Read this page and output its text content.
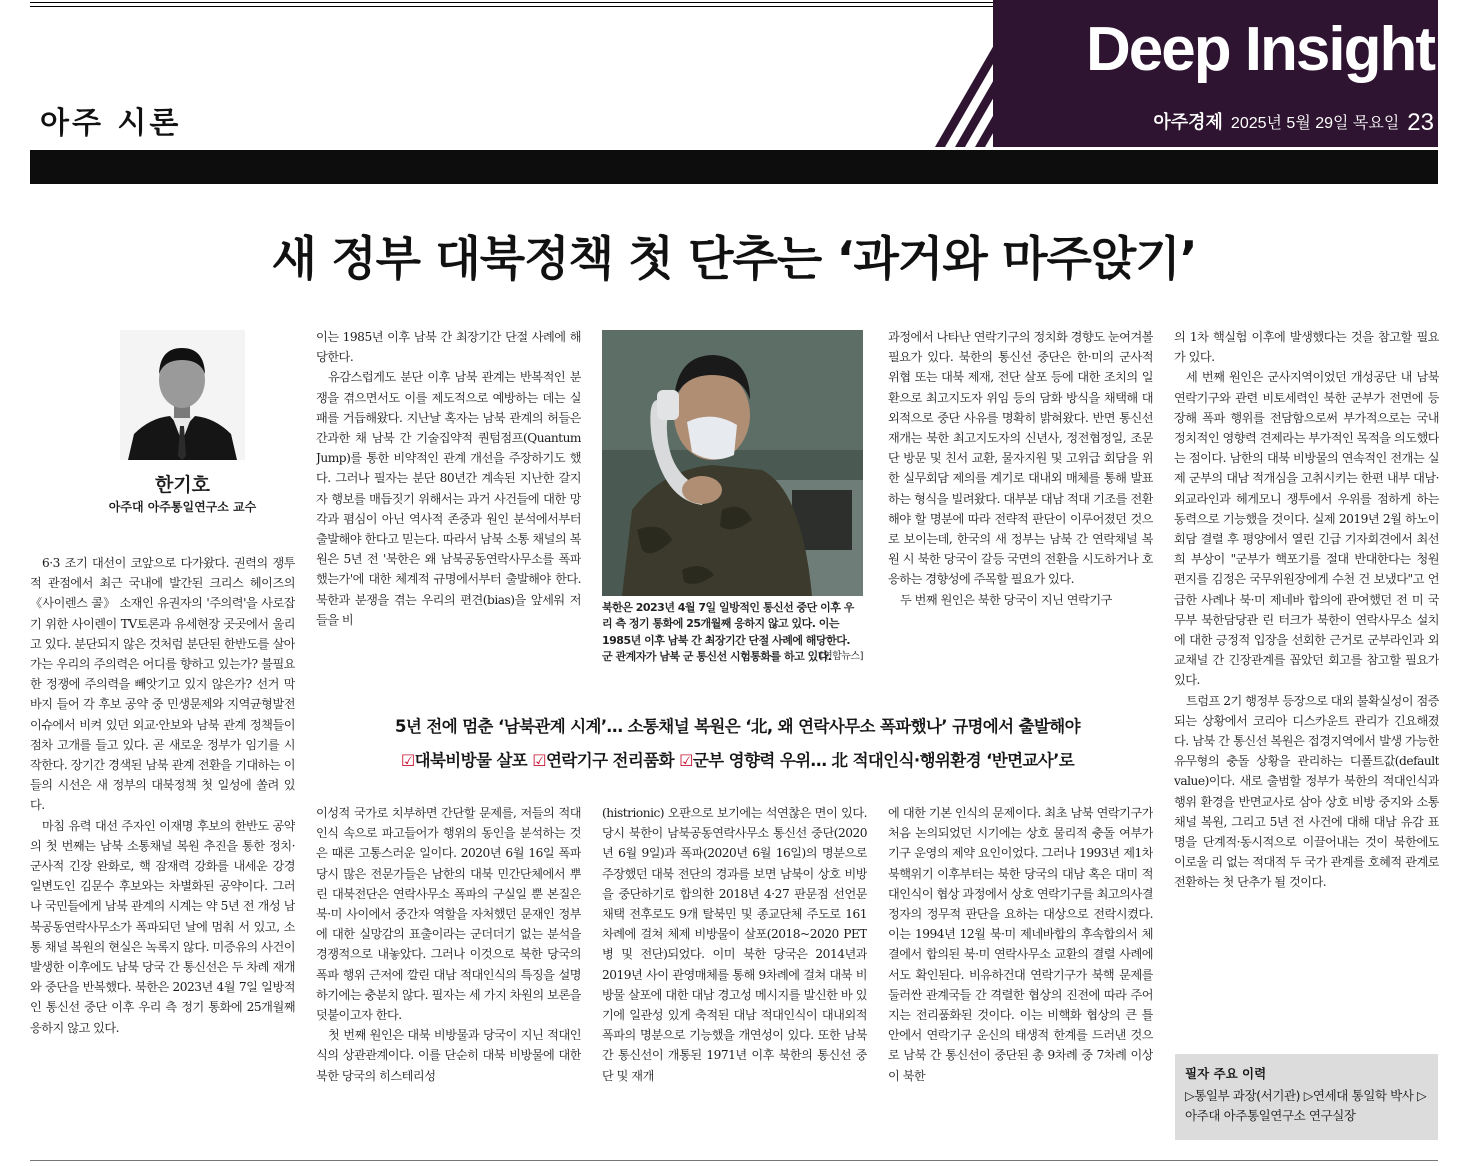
아주 시론
Deep Insight
아주경제 2025년 5월 29일 목요일 23
새 정부 대북정책 첫 단추는 ‘과거와 마주앉기’
한기호
아주대 아주통일연구소 교수

6·3 조기 대선이 코앞으로 다가왔다. 권력의 쟁투적 관점에서 최근 국내에 발간된 크리스 헤이즈의 《사이렌스 콜》 소재인 유권자의 '주의력'을 사로잡기 위한 사이렌이 TV토론과 유세현장 곳곳에서 울리고 있다. 분단되지 않은 것처럼 분단된 한반도를 살아가는 우리의 주의력은 어디를 향하고 있는가? 불필요한 정쟁에 주의력을 빼앗기고 있지 않은가? 선거 막바지 들어 각 후보 공약 중 민생문제와 지역균형발전 이슈에서 비켜 있던 외교·안보와 남북 관계 정책들이 점차 고개를 들고 있다. 곧 새로운 정부가 임기를 시작한다. 장기간 경색된 남북 관계 전환을 기대하는 이들의 시선은 새 정부의 대북정책 첫 일성에 쏠려 있다.

마침 유력 대선 주자인 이재명 후보의 한반도 공약의 첫 번째는 남북 소통채널 복원 추진을 통한 정치·군사적 긴장 완화로, 핵 잠재력 강화를 내세운 강경 일변도인 김문수 후보와는 차별화된 공약이다. 그러나 국민들에게 남북 관계의 시계는 약 5년 전 개성 남북공동연락사무소가 폭파되던 날에 멈춰 서 있고, 소통 채널 복원의 현실은 녹록지 않다. 미증유의 사건이 발생한 이후에도 남북 당국 간 통신선은 두 차례 재개와 중단을 반복했다. 북한은 2023년 4월 7일 일방적인 통신선 중단 이후 우리 측 정기 통화에 25개월째 응하지 않고 있다.

이는 1985년 이후 남북 간 최장기간 단절 사례에 해당한다.

유감스럽게도 분단 이후 남북 관계는 반복적인 분쟁을 겪으면서도 이를 제도적으로 예방하는 데는 실패를 거듭해왔다. 지난날 혹자는 남북 관계의 허들은 간과한 채 남북 간 기술집약적 퀀텀점프(Quantum Jump)를 통한 비약적인 관계 개선을 주장하기도 했다. 그러나 필자는 분단 80년간 계속된 지난한 갈지자 행보를 매듭짓기 위해서는 과거 사건들에 대한 망각과 폄심이 아닌 역사적 존중과 원인 분석에서부터 출발해야 한다고 믿는다. 따라서 남북 소통 채널의 복원은 5년 전 '북한은 왜 남북공동연락사무소를 폭파했는가'에 대한 체계적 규명에서부터 출발해야 한다. 북한과 분쟁을 겪는 우리의 편견(bias)을 앞세워 저들을 비

북한은 2023년 4월 7일 일방적인 통신선 중단 이후 우리 측 정기 통화에 25개월째 응하지 않고 있다. 이는 1985년 이후 남북 간 최장기간 단절 사례에 해당한다. 군 관계자가 남북 군 통신선 시험통화를 하고 있다.
[연합뉴스]

과정에서 나타난 연락기구의 정치화 경향도 눈여겨볼 필요가 있다. 북한의 통신선 중단은 한·미의 군사적 위협 또는 대북 제재, 전단 살포 등에 대한 조치의 일환으로 최고지도자 위임 등의 담화 방식을 채택해 대외적으로 중단 사유를 명확히 밝혀왔다. 반면 통신선 재개는 북한 최고지도자의 신년사, 정전협정일, 조문단 방문 및 친서 교환, 물자지원 및 고위급 회담을 위한 실무회담 제의를 계기로 대내외 매체를 통해 발표하는 형식을 빌려왔다. 대부분 대남 적대 기조를 전환해야 할 명분에 따라 전략적 판단이 이루어졌던 것으로 보이는데, 한국의 새 정부는 남북 간 연락채널 복원 시 북한 당국이 갈등 국면의 전환을 시도하거나 호응하는 경향성에 주목할 필요가 있다.

두 번째 원인은 북한 당국이 지닌 연락기구

5년 전에 멈춘 ‘남북관계 시계’… 소통채널 복원은 ‘北, 왜 연락사무소 폭파했나’ 규명에서 출발해야
☑대북비방물 살포 ☑연락기구 전리품화 ☑군부 영향력 우위… 北 적대인식·행위환경 ‘반면교사’로

이성적 국가로 치부하면 간단할 문제를, 저들의 적대인식 속으로 파고들어가 행위의 동인을 분석하는 것은 때론 고통스러운 일이다. 2020년 6월 16일 폭파 당시 많은 전문가들은 남한의 대북 민간단체에서 뿌린 대북전단은 연락사무소 폭파의 구실일 뿐 본질은 북·미 사이에서 중간자 역할을 자처했던 문재인 정부에 대한 실망감의 표출이라는 군더더기 없는 분석을 경쟁적으로 내놓았다. 그러나 이것으로 북한 당국의 폭파 행위 근저에 깔린 대남 적대인식의 특징을 설명하기에는 충분치 않다. 필자는 세 가지 차원의 보론을 덧붙이고자 한다.

첫 번째 원인은 대북 비방물과 당국이 지닌 적대인식의 상관관계이다. 이를 단순히 대북 비방물에 대한 북한 당국의 히스테리성

(histrionic) 오판으로 보기에는 석연찮은 면이 있다. 당시 북한이 남북공동연락사무소 통신선 중단(2020년 6월 9일)과 폭파(2020년 6월 16일)의 명분으로 주장했던 대북 전단의 경과를 보면 남북이 상호 비방을 중단하기로 합의한 2018년 4·27 판문점 선언문 채택 전후로도 9개 탈북민 및 종교단체 주도로 161차례에 걸쳐 체제 비방물이 살포(2018~2020 PET병 및 전단)되었다. 이미 북한 당국은 2014년과 2019년 사이 관영매체를 통해 9차례에 걸쳐 대북 비방물 살포에 대한 대남 경고성 메시지를 발신한 바 있기에 일관성 있게 축적된 대남 적대인식이 대내외적 폭파의 명분으로 기능했을 개연성이 있다. 또한 남북 간 통신선이 개통된 1971년 이후 북한의 통신선 중단 및 재개

에 대한 기본 인식의 문제이다. 최초 남북 연락기구가 처음 논의되었던 시기에는 상호 물리적 충돌 여부가 기구 운영의 제약 요인이었다. 그러나 1993년 제1차 북핵위기 이후부터는 북한 당국의 대남 혹은 대미 적대인식이 협상 과정에서 상호 연락기구를 최고의사결정자의 정무적 판단을 요하는 대상으로 전락시켰다. 이는 1994년 12월 북·미 제네바합의 후속합의서 체결에서 합의된 북·미 연락사무소 교환의 결렬 사례에서도 확인된다. 비유하건대 연락기구가 북핵 문제를 둘러싼 관계국들 간 격렬한 협상의 진전에 따라 주어지는 전리품화된 것이다. 이는 비핵화 협상의 큰 틀 안에서 연락기구 운신의 태생적 한계를 드러낸 것으로 남북 간 통신선이 중단된 총 9차례 중 7차례 이상이 북한

의 1차 핵실험 이후에 발생했다는 것을 참고할 필요가 있다.

세 번째 원인은 군사지역이었던 개성공단 내 남북연락기구와 관련 비토세력인 북한 군부가 전면에 등장해 폭파 행위를 전담함으로써 부가적으로는 국내 정치적인 영향력 견제라는 부가적인 목적을 의도했다는 점이다. 남한의 대북 비방물의 연속적인 전개는 실제 군부의 대남 적개심을 고취시키는 한편 내부 대남·외교라인과 헤게모니 쟁투에서 우위를 점하게 하는 동력으로 기능했을 것이다. 실제 2019년 2월 하노이 회담 결렬 후 평양에서 열린 긴급 기자회견에서 최선희 부상이 "군부가 핵포기를 절대 반대한다는 청원 편지를 김정은 국무위원장에게 수천 건 보냈다"고 언급한 사례나 북·미 제네바 합의에 관여했던 전 미 국무부 북한담당관 린 터크가 북한이 연락사무소 설치에 대한 긍정적 입장을 선회한 근거로 군부라인과 외교채널 간 긴장관계를 꼽았던 회고를 참고할 필요가 있다.

트럼프 2기 행정부 등장으로 대외 불확실성이 점증되는 상황에서 코리아 디스카운트 관리가 긴요해졌다. 남북 간 통신선 복원은 접경지역에서 발생 가능한 유무형의 충돌 상황을 관리하는 디폴트값(default value)이다. 새로 출범할 정부가 북한의 적대인식과 행위 환경을 반면교사로 삼아 상호 비방 중지와 소통 채널 복원, 그리고 5년 전 사건에 대해 대남 유감 표명을 단계적·동시적으로 이끌어내는 것이 북한에도 이로울 리 없는 적대적 두 국가 관계를 호혜적 관계로 전환하는 첫 단추가 될 것이다.

필자 주요 이력
▷통일부 과장(서기관) ▷연세대 통일학 박사 ▷아주대 아주통일연구소 연구실장
